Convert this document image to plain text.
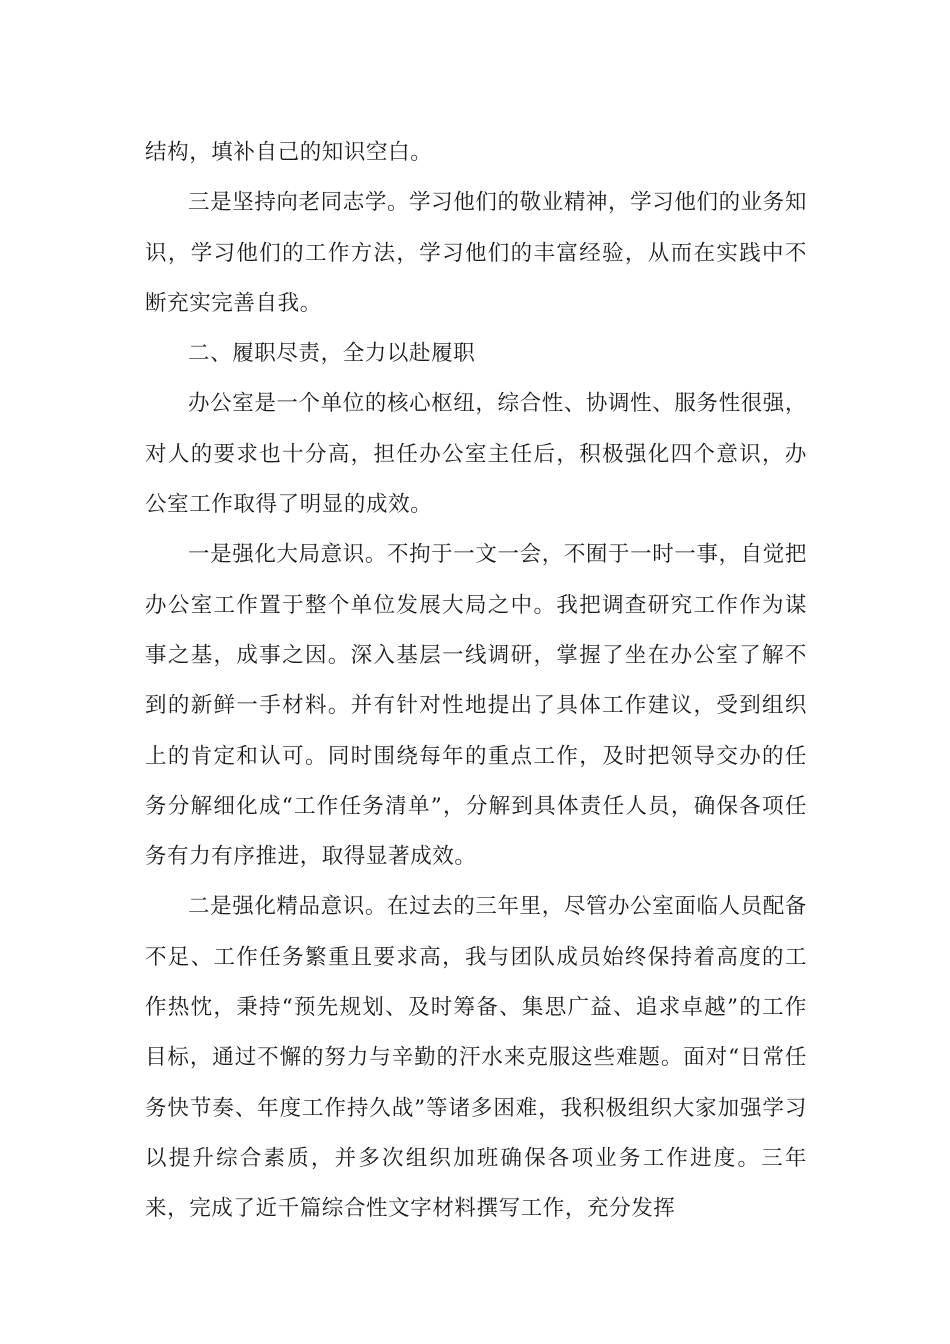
结构，填补自己的知识空白。

三是坚持向老同志学。学习他们的敬业精神，学习他们的业务知识，学习他们的工作方法，学习他们的丰富经验，从而在实践中不断充实完善自我。

二、履职尽责，全力以赴履职

办公室是一个单位的核心枢纽，综合性、协调性、服务性很强，对人的要求也十分高，担任办公室主任后，积极强化四个意识，办公室工作取得了明显的成效。

一是强化大局意识。不拘于一文一会，不囿于一时一事，自觉把办公室工作置于整个单位发展大局之中。我把调查研究工作作为谋事之基，成事之因。深入基层一线调研，掌握了坐在办公室了解不到的新鲜一手材料。并有针对性地提出了具体工作建议，受到组织上的肯定和认可。同时围绕每年的重点工作，及时把领导交办的任务分解细化成“工作任务清单”，分解到具体责任人员，确保各项任务有力有序推进，取得显著成效。

二是强化精品意识。在过去的三年里，尽管办公室面临人员配备不足、工作任务繁重且要求高，我与团队成员始终保持着高度的工作热忱，秉持“预先规划、及时筹备、集思广益、追求卓越”的工作目标，通过不懈的努力与辛勤的汗水来克服这些难题。面对“日常任务快节奏、年度工作持久战”等诸多困难，我积极组织大家加强学习以提升综合素质，并多次组织加班确保各项业务工作进度。三年来，完成了近千篇综合性文字材料撰写工作，充分发挥
